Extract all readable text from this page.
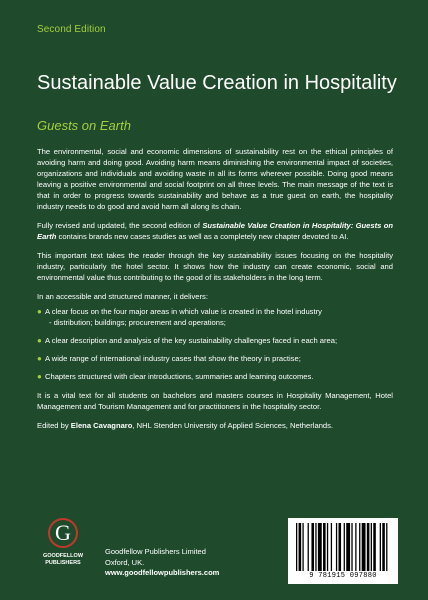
Second Edition
Sustainable Value Creation in Hospitality
Guests on Earth

The environmental, social and economic dimensions of sustainability rest on the ethical principles of avoiding harm and doing good. Avoiding harm means diminishing the environmental impact of societies, organizations and individuals and avoiding waste in all its forms wherever possible. Doing good means leaving a positive environmental and social footprint on all three levels. The main message of the text is that in order to progress towards sustainability and behave as a true guest on earth, the hospitality industry needs to do good and avoid harm all along its chain.

Fully revised and updated, the second edition of Sustainable Value Creation in Hospitality: Guests on Earth contains brands new cases studies as well as a completely new chapter devoted to AI.

This important text takes the reader through the key sustainability issues focusing on the hospitality industry, particularly the hotel sector. It shows how the industry can create economic, social and environmental value thus contributing to the good of its stakeholders in the long term.

In an accessible and structured manner, it delivers:

● A clear focus on the four major areas in which value is created in the hotel industry
- distribution; buildings; procurement and operations;
● A clear description and analysis of the key sustainability challenges faced in each area;
● A wide range of international industry cases that show the theory in practise;
● Chapters structured with clear introductions, summaries and learning outcomes.

It is a vital text for all students on bachelors and masters courses in Hospitality Management, Hotel Management and Tourism Management and for practitioners in the hospitality sector.

Edited by Elena Cavagnaro, NHL Stenden University of Applied Sciences, Netherlands.

G
GOODFELLOW
PUBLISHERS
Goodfellow Publishers Limited
Oxford, UK.
www.goodfellowpublishers.com	9 781915 097880
